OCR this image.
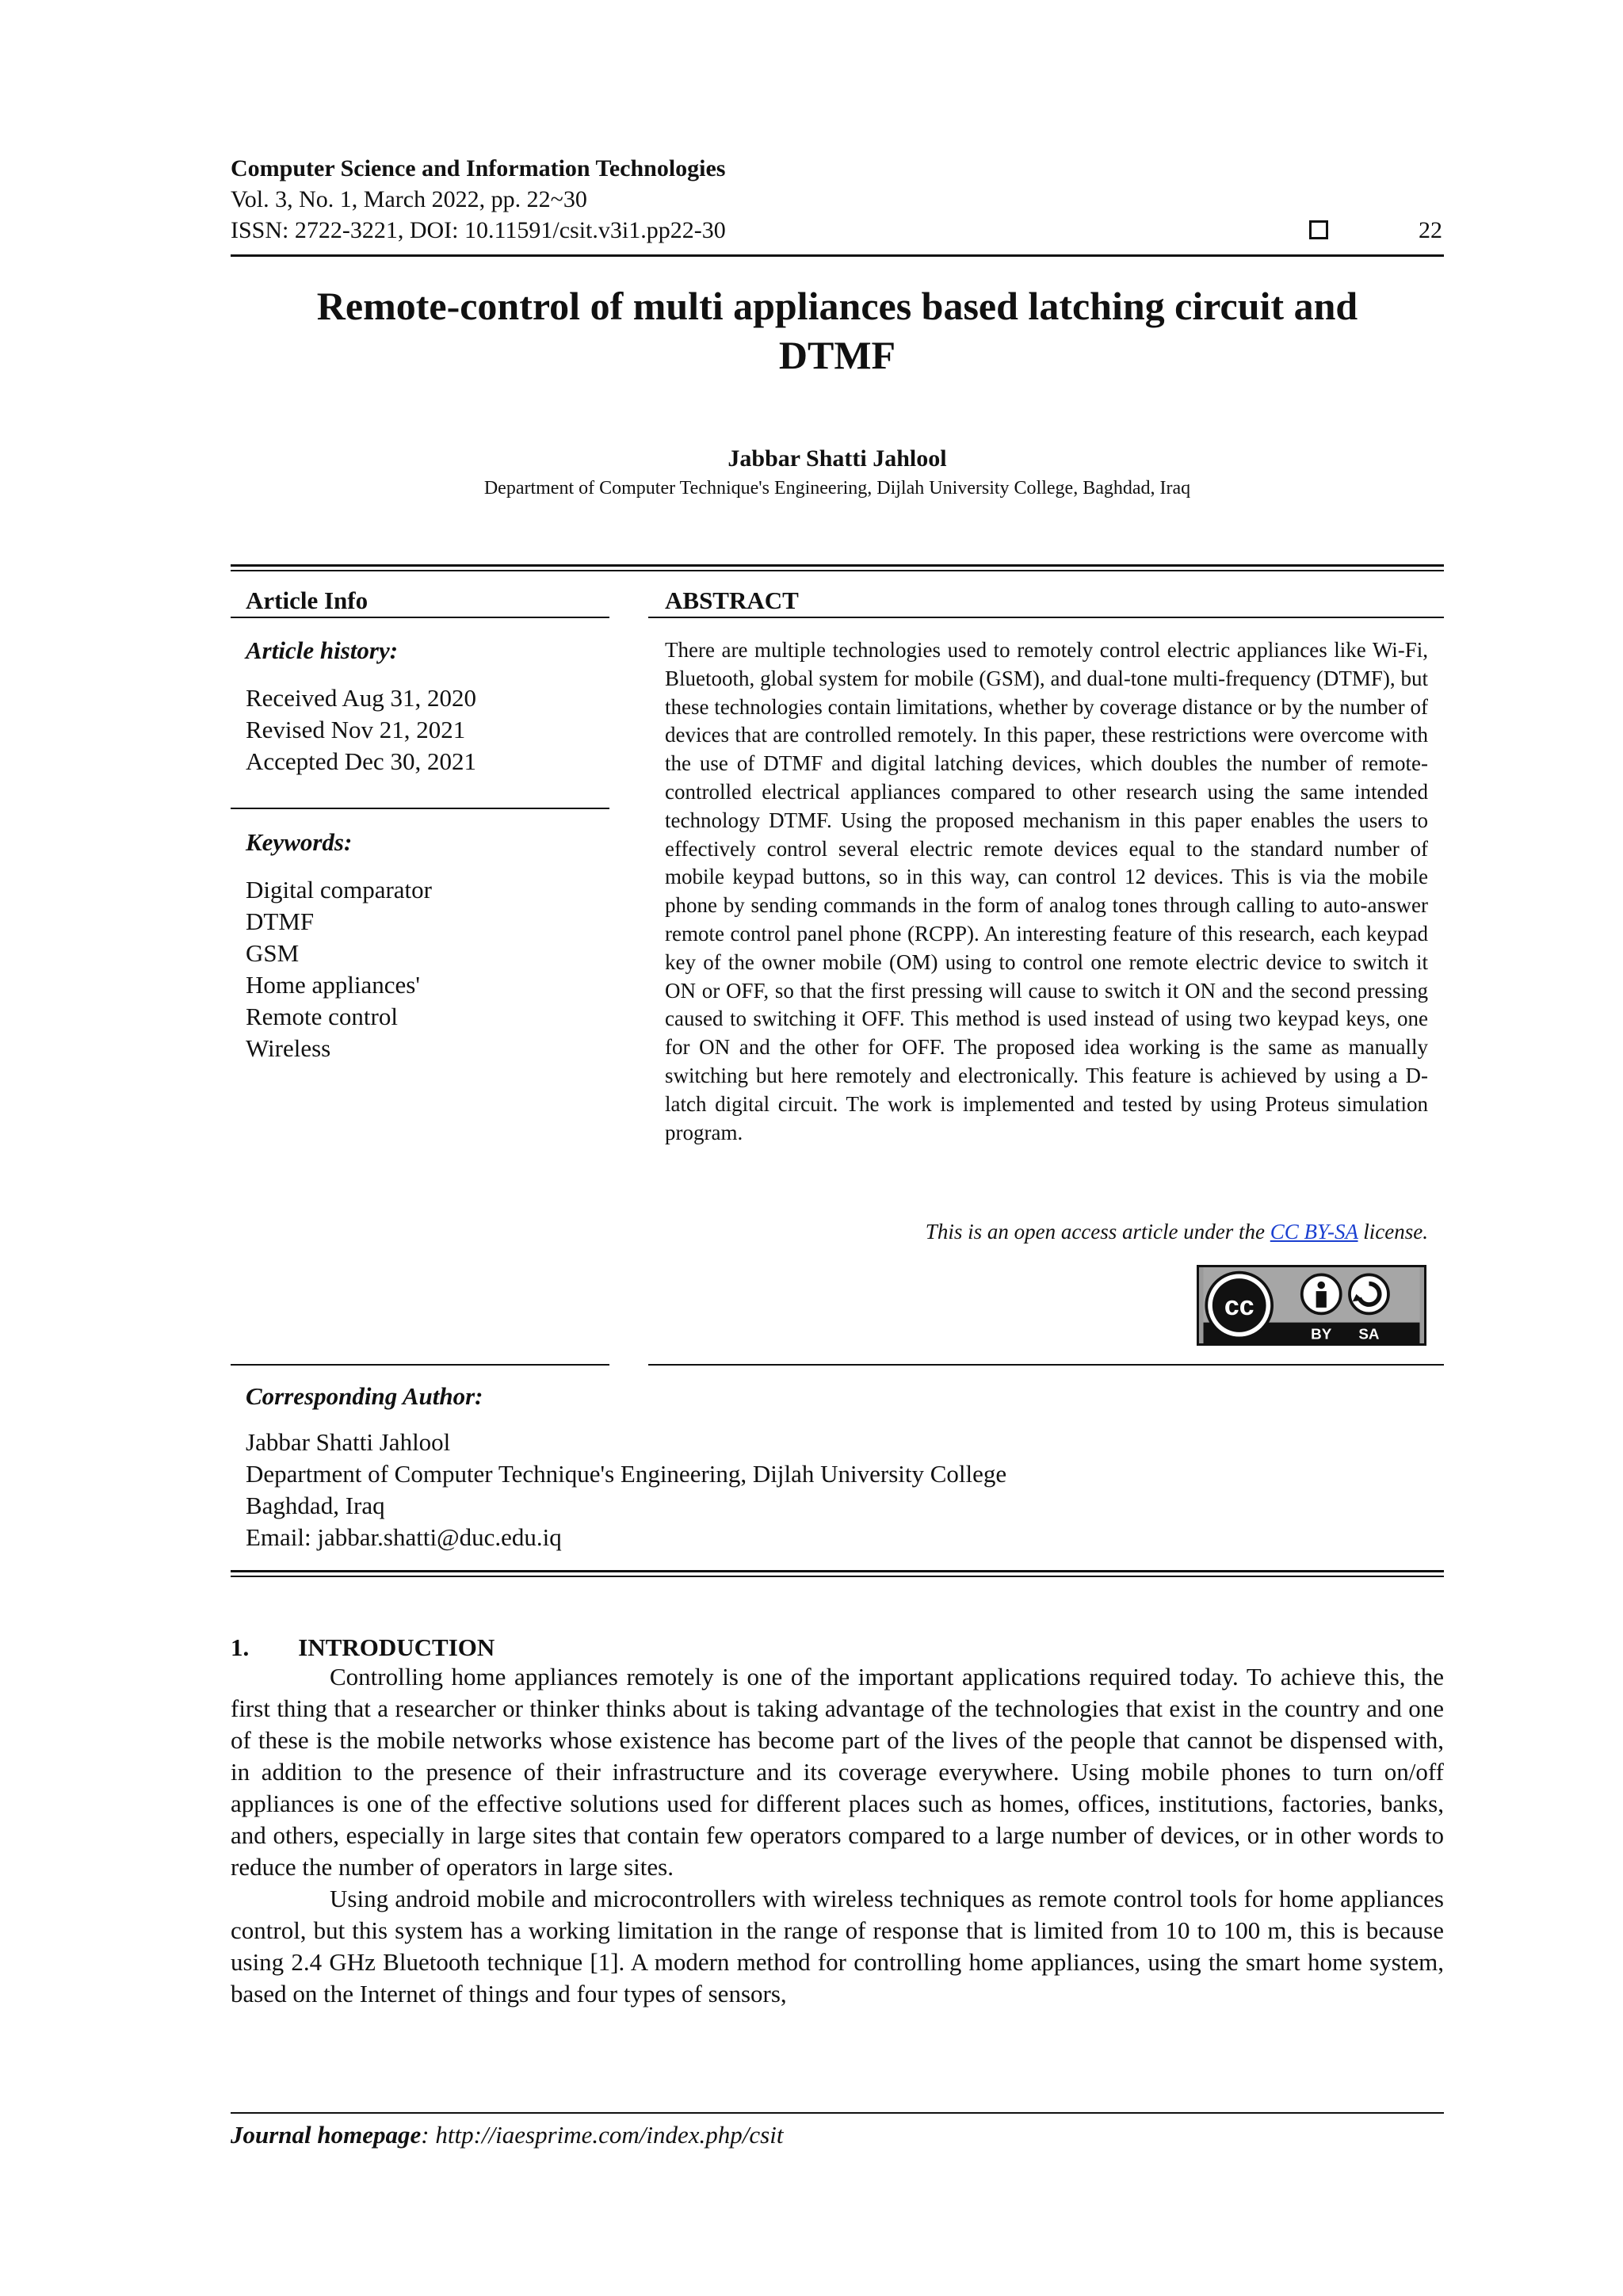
Computer Science and Information Technologies
Vol. 3, No. 1, March 2022, pp. 22~30
ISSN: 2722-3221, DOI: 10.11591/csit.v3i1.pp22-30	22
Remote-control of multi appliances based latching circuit and
DTMF
Jabbar Shatti Jahlool
Department of Computer Technique's Engineering, Dijlah University College, Baghdad, Iraq
Article Info
Article history:
Received Aug 31, 2020
Revised Nov 21, 2021
Accepted Dec 30, 2021
Keywords:
Digital comparator
DTMF
GSM
Home appliances'
Remote control
Wireless
ABSTRACT
There are multiple technologies used to remotely control electric appliances like Wi-Fi, Bluetooth, global system for mobile (GSM), and dual-tone multi-frequency (DTMF), but these technologies contain limitations, whether by coverage distance or by the number of devices that are controlled remotely. In this paper, these restrictions were overcome with the use of DTMF and digital latching devices, which doubles the number of remote-controlled electrical appliances compared to other research using the same intended technology DTMF. Using the proposed mechanism in this paper enables the users to effectively control several electric remote devices equal to the standard number of mobile keypad buttons, so in this way, can control 12 devices. This is via the mobile phone by sending commands in the form of analog tones through calling to auto-answer remote control panel phone (RCPP). An interesting feature of this research, each keypad key of the owner mobile (OM) using to control one remote electric device to switch it ON or OFF, so that the first pressing will cause to switch it ON and the second pressing caused to switching it OFF. This method is used instead of using two keypad keys, one for ON and the other for OFF. The proposed idea working is the same as manually switching but here remotely and electronically. This feature is achieved by using a D-latch digital circuit. The work is implemented and tested by using Proteus simulation program.
This is an open access article under the CC BY-SA license.
cc
BY SA
Corresponding Author:
Jabbar Shatti Jahlool
Department of Computer Technique's Engineering, Dijlah University College
Baghdad, Iraq
Email: jabbar.shatti@duc.edu.iq
1.  INTRODUCTION

Controlling home appliances remotely is one of the important applications required today. To achieve this, the first thing that a researcher or thinker thinks about is taking advantage of the technologies that exist in the country and one of these is the mobile networks whose existence has become part of the lives of the people that cannot be dispensed with, in addition to the presence of their infrastructure and its coverage everywhere. Using mobile phones to turn on/off appliances is one of the effective solutions used for different places such as homes, offices, institutions, factories, banks, and others, especially in large sites that contain few operators compared to a large number of devices, or in other words to reduce the number of operators in large sites.

Using android mobile and microcontrollers with wireless techniques as remote control tools for home appliances control, but this system has a working limitation in the range of response that is limited from 10 to 100 m, this is because using 2.4 GHz Bluetooth technique [1]. A modern method for controlling home appliances, using the smart home system, based on the Internet of things and four types of sensors,

Journal homepage: http://iaesprime.com/index.php/csit
